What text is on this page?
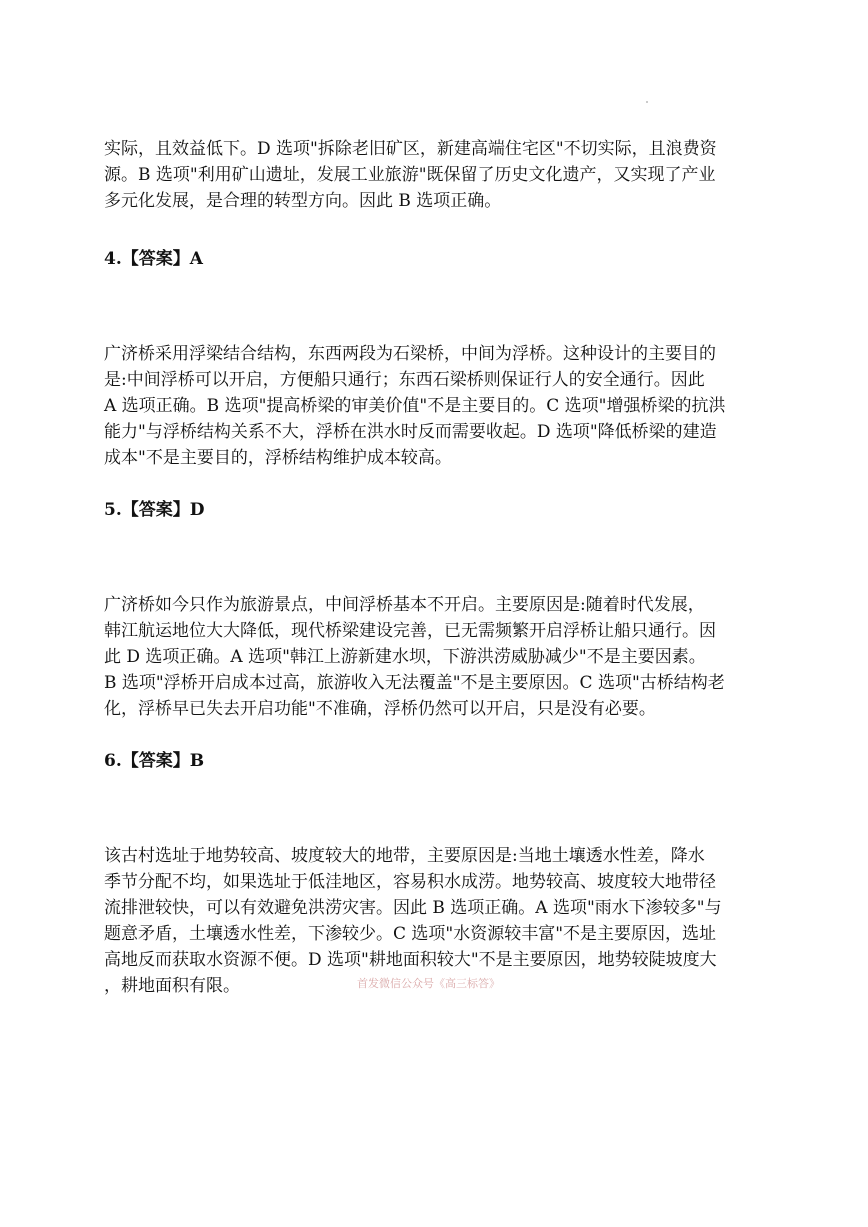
实际，且效益低下。D 选项"拆除老旧矿区，新建高端住宅区"不切实际，且浪费资
源。B 选项"利用矿山遗址，发展工业旅游"既保留了历史文化遗产，又实现了产业
多元化发展，是合理的转型方向。因此 B 选项正确。
4.【答案】A
广济桥采用浮梁结合结构，东西两段为石梁桥，中间为浮桥。这种设计的主要目的
是:中间浮桥可以开启，方便船只通行；东西石梁桥则保证行人的安全通行。因此
A 选项正确。B 选项"提高桥梁的审美价值"不是主要目的。C 选项"增强桥梁的抗洪
能力"与浮桥结构关系不大，浮桥在洪水时反而需要收起。D 选项"降低桥梁的建造
成本"不是主要目的，浮桥结构维护成本较高。
5.【答案】D
广济桥如今只作为旅游景点，中间浮桥基本不开启。主要原因是:随着时代发展，
韩江航运地位大大降低，现代桥梁建设完善，已无需频繁开启浮桥让船只通行。因
此 D 选项正确。A 选项"韩江上游新建水坝，下游洪涝威胁减少"不是主要因素。
B 选项"浮桥开启成本过高，旅游收入无法覆盖"不是主要原因。C 选项"古桥结构老
化，浮桥早已失去开启功能"不准确，浮桥仍然可以开启，只是没有必要。
6.【答案】B
该古村选址于地势较高、坡度较大的地带，主要原因是:当地土壤透水性差，降水
季节分配不均，如果选址于低洼地区，容易积水成涝。地势较高、坡度较大地带径
流排泄较快，可以有效避免洪涝灾害。因此 B 选项正确。A 选项"雨水下渗较多"与
题意矛盾，土壤透水性差，下渗较少。C 选项"水资源较丰富"不是主要原因，选址
高地反而获取水资源不便。D 选项"耕地面积较大"不是主要原因，地势较陡坡度大
，耕地面积有限。	首发微信公众号《高三标答》
